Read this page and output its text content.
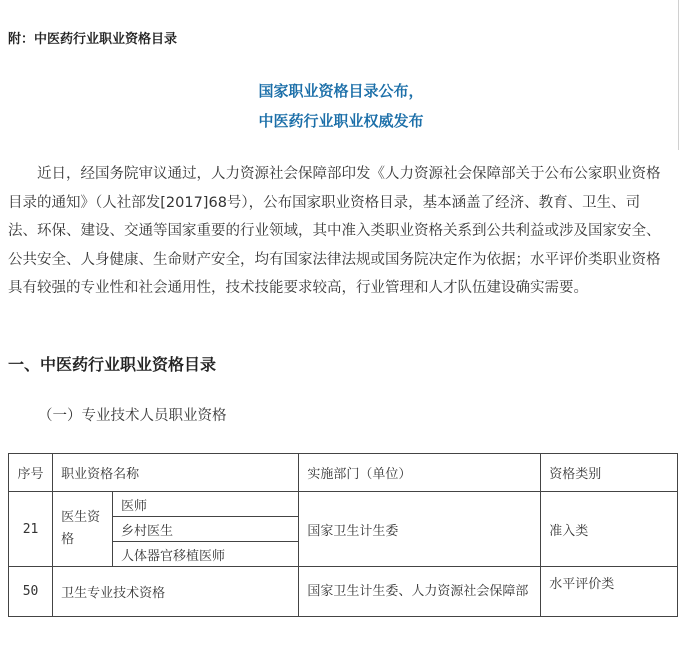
附：中医药行业职业资格目录
国家职业资格目录公布，
中医药行业职业权威发布

近日，经国务院审议通过，人力资源社会保障部印发《人力资源社会保障部关于公布公家职业资格目录的通知》（人社部发[2017]68号），公布国家职业资格目录，基本涵盖了经济、教育、卫生、司法、环保、建设、交通等国家重要的行业领域，其中准入类职业资格关系到公共利益或涉及国家安全、公共安全、人身健康、生命财产安全，均有国家法律法规或国务院决定作为依据；水平评价类职业资格具有较强的专业性和社会通用性，技术技能要求较高，行业管理和人才队伍建设确实需要。

一、中医药行业职业资格目录
（一）专业技术人员职业资格
序号	职业资格名称		实施部门（单位）	资格类别
21	医生资格	医师	国家卫生计生委	准入类
		乡村医生		
		人体器官移植医师		
50	卫生专业技术资格		国家卫生计生委、人力资源社会保障部	水平评价类
